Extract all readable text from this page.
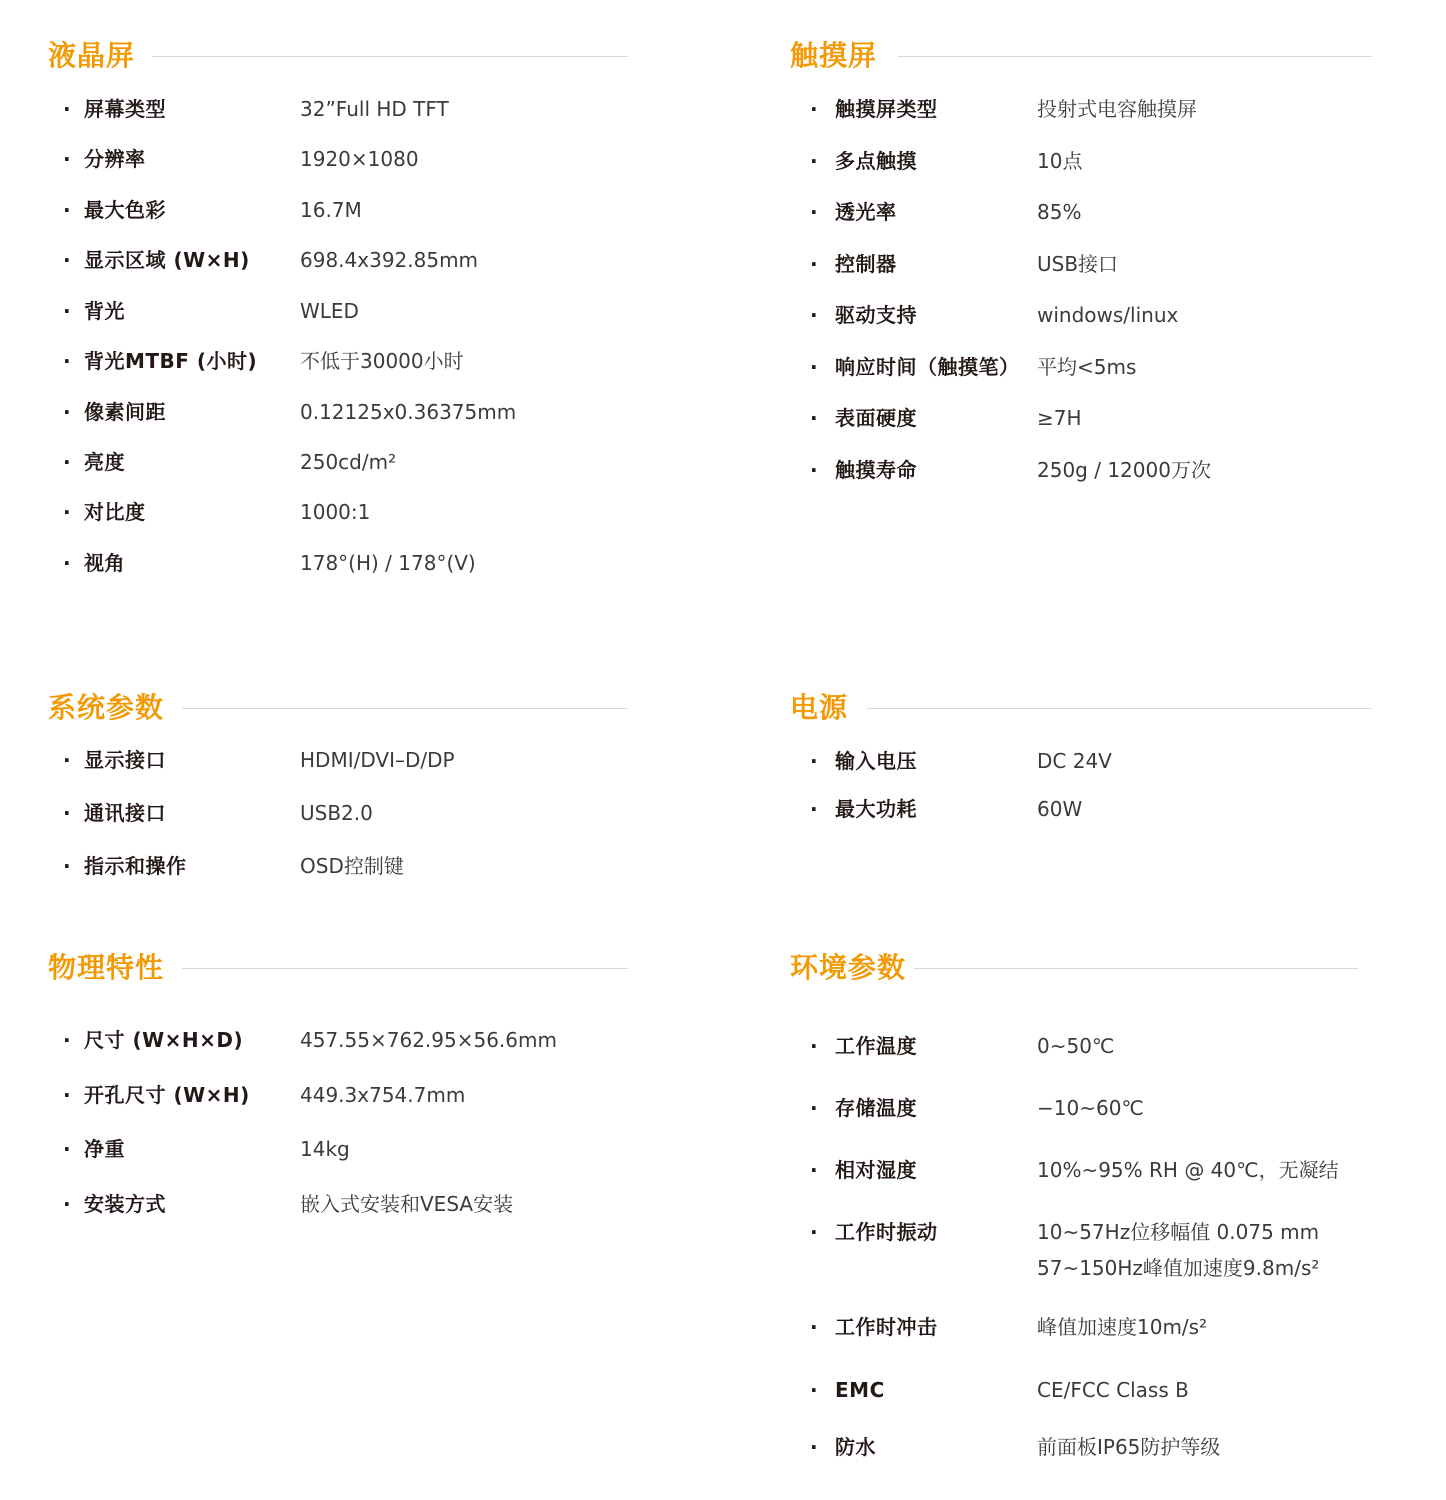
液晶屏
· 屏幕类型	32”Full HD TFT
· 分辨率	1920×1080
· 最大色彩	16.7M
· 显示区域 (W×H)	698.4x392.85mm
· 背光	WLED
· 背光MTBF (小时) 不低于30000小时
· 像素间距	0.12125x0.36375mm
· 亮度	250cd/m²
· 对比度	1000:1
· 视角	178°(H) / 178°(V)
触摸屏
· 触摸屏类型	投射式电容触摸屏
· 多点触摸	10点
· 透光率	85%
· 控制器	USB接口
· 驱动支持	windows/linux
· 响应时间（触摸笔） 平均<5ms
· 表面硬度	≥7H
· 触摸寿命	250g / 12000万次
系统参数
· 显示接口	HDMI/DVI–D/DP
· 通讯接口	USB2.0
· 指示和操作	OSD控制键
电源
· 输入电压	DC 24V
· 最大功耗	60W
物理特性
· 尺寸 (W×H×D)	457.55×762.95×56.6mm
· 开孔尺寸 (W×H)	449.3x754.7mm
· 净重	14kg
· 安装方式	嵌入式安装和VESA安装
环境参数
· 工作温度	0~50℃
· 存储温度	−10~60℃
· 相对湿度	10%~95% RH @ 40℃，无凝结
· 工作时振动	10~57Hz位移幅值 0.075 mm
57~150Hz峰值加速度9.8m/s²
· 工作时冲击	峰值加速度10m/s²
· EMC	CE/FCC Class B
· 防水	前面板IP65防护等级
